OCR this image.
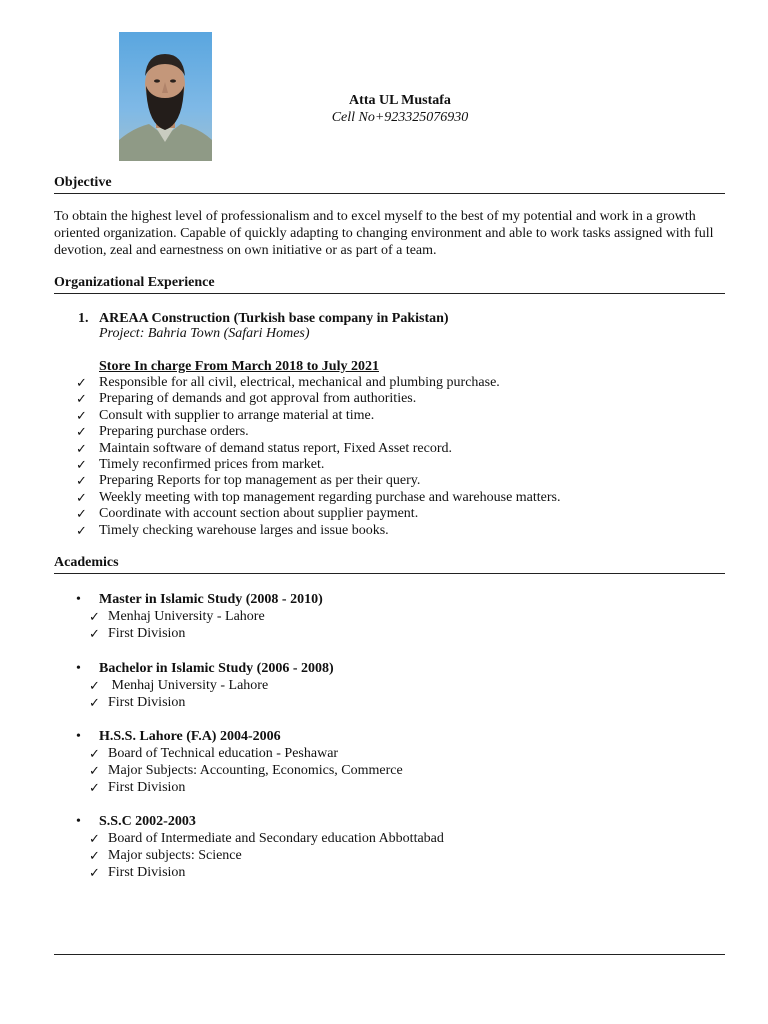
Atta UL Mustafa
Cell No+923325076930
Objective
To obtain the highest level of professionalism and to excel myself to the best of my potential and work in a growth oriented organization. Capable of quickly adapting to changing environment and able to work tasks assigned with full devotion, zeal and earnestness on own initiative or as part of a team.
Organizational Experience
1. AREAA Construction (Turkish base company in Pakistan)
Project: Bahria Town (Safari Homes)
Store In charge From March 2018 to July 2021
✓ Responsible for all civil, electrical, mechanical and plumbing purchase.
✓ Preparing of demands and got approval from authorities.
✓ Consult with supplier to arrange material at time.
✓ Preparing purchase orders.
✓ Maintain software of demand status report, Fixed Asset record.
✓ Timely reconfirmed prices from market.
✓ Preparing Reports for top management as per their query.
✓ Weekly meeting with top management regarding purchase and warehouse matters.
✓ Coordinate with account section about supplier payment.
✓ Timely checking warehouse larges and issue books.
Academics
• Master in Islamic Study (2008 - 2010)
✓ Menhaj University - Lahore
✓ First Division
• Bachelor in Islamic Study (2006 - 2008)
✓ Menhaj University - Lahore
✓ First Division
• H.S.S. Lahore (F.A) 2004-2006
✓ Board of Technical education - Peshawar
✓ Major Subjects: Accounting, Economics, Commerce
✓ First Division
• S.S.C 2002-2003
✓ Board of Intermediate and Secondary education Abbottabad
✓ Major subjects: Science
✓ First Division
